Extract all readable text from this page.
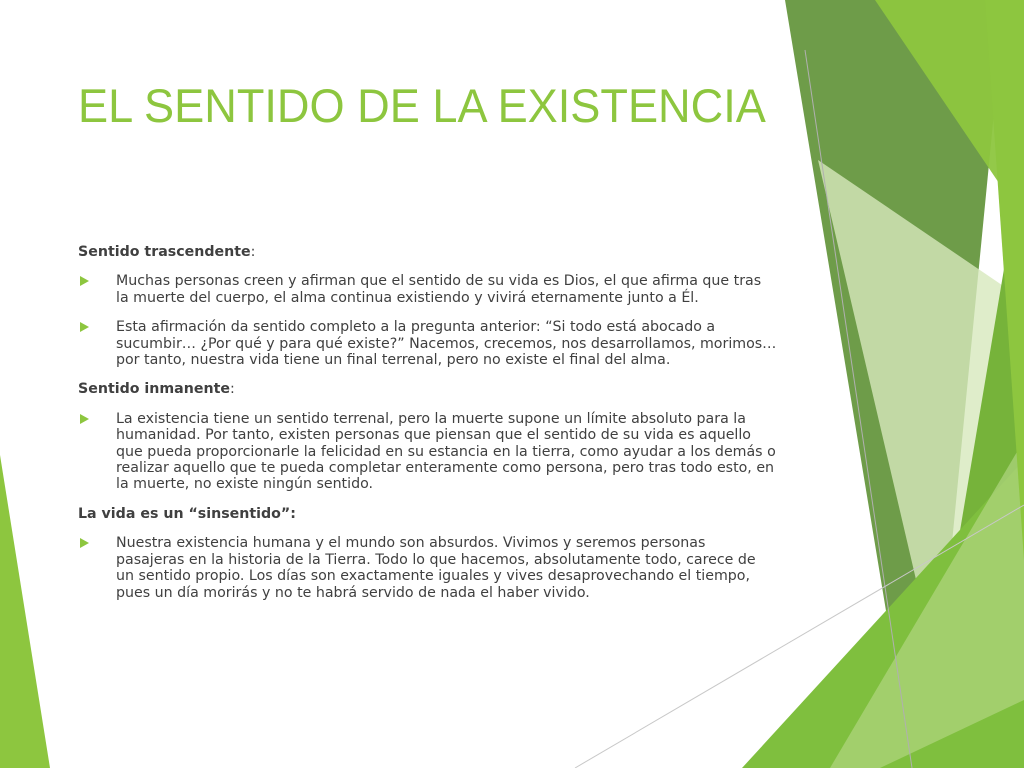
EL SENTIDO DE LA EXISTENCIA

Sentido trascendente:

Muchas personas creen y afirman que el sentido de su vida es Dios, el que afirma que tras la muerte del cuerpo, el alma continua existiendo y vivirá eternamente junto a Él.
Esta afirmación da sentido completo a la pregunta anterior: “Si todo está abocado a sucumbir… ¿Por qué y para qué existe?” Nacemos, crecemos, nos desarrollamos, morimos… por tanto, nuestra vida tiene un final terrenal, pero no existe el final del alma.

Sentido inmanente:

La existencia tiene un sentido terrenal, pero la muerte supone un límite absoluto para la humanidad. Por tanto, existen personas que piensan que el sentido de su vida es aquello que pueda proporcionarle la felicidad en su estancia en la tierra, como ayudar a los demás o realizar aquello que te pueda completar enteramente como persona, pero tras todo esto, en la muerte, no existe ningún sentido.

La vida es un “sinsentido”:

Nuestra existencia humana y el mundo son absurdos. Vivimos y seremos personas pasajeras en la historia de la Tierra. Todo lo que hacemos, absolutamente todo, carece de un sentido propio. Los días son exactamente iguales y vives desaprovechando el tiempo, pues un día morirás y no te habrá servido de nada el haber vivido.
